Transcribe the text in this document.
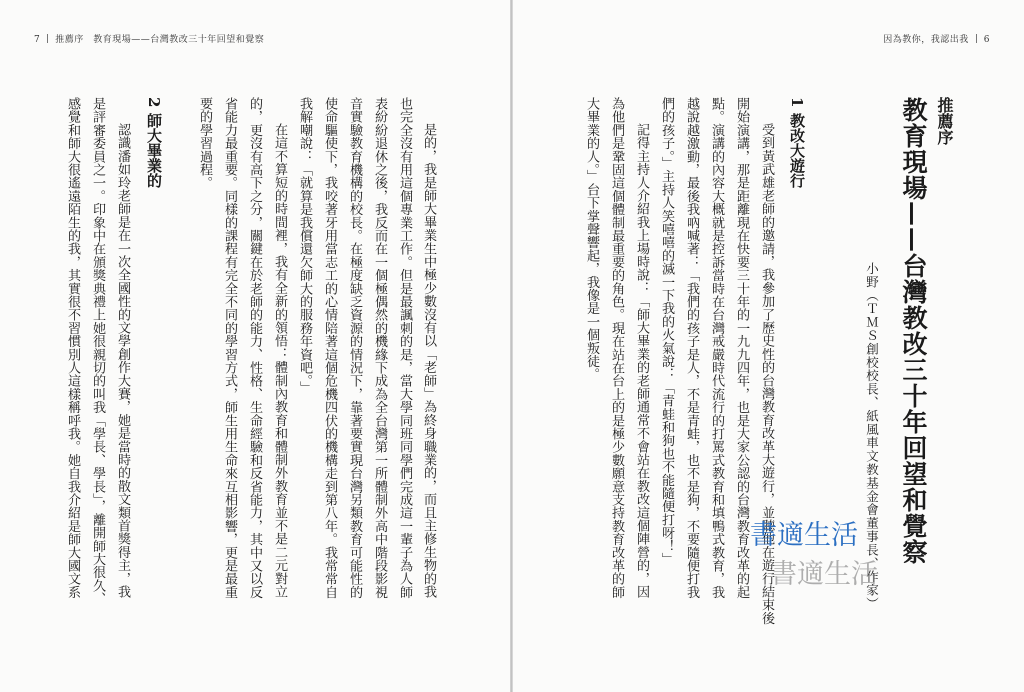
7 推薦序　教育現場——台灣教改三十年回望和覺察
是的，我是師大畢業生中極少數沒有以「老師」為終身職業的，而且主修生物的我
也完全沒有用這個專業工作。但是最諷刺的是，當大學同班同學們完成這一輩子為人師
表紛紛退休之後，我反而在一個極偶然的機緣下成為全台灣第一所體制外高中階段影視
音實驗教育機構的校長。在極度缺乏資源的情況下，靠著要實現台灣另類教育可能性的
使命驅使下，我咬著牙用當志工的心情陪著這個危機四伏的機構走到第八年。我常常自
我解嘲說：「就算是我償還欠師大的服務年資吧。」
在這不算短的時間裡，我有全新的領悟：體制內教育和體制外教育並不是二元對立
的，更沒有高下之分，關鍵在於老師的能力、性格、生命經驗和反省能力，其中又以反
省能力最重要。同樣的課程有完全不同的學習方式，師生用生命來互相影響，更是最重
要的學習過程。
2 師大畢業的
認識潘如玲老師是在一次全國性的文學創作大賽，她是當時的散文類首獎得主，我
是評審委員之一。印象中在頒獎典禮上她很親切的叫我「學長、學長」，離開師大很久、
感覺和師大很遙遠陌生的我，其實很不習慣別人這樣稱呼我。她自我介紹是師大國文系
因為教你，我認出我 6
推薦序
教育現場——台灣教改三十年回望和覺察
小野（ＴＭＳ創校校長、紙風車文教基金會董事長、作家）
1 教改大遊行
受到黃武雄老師的邀請，我參加了歷史性的台灣教育改革大遊行，並聽他在遊行結束後
開始演講，那是距離現在快要三十年的一九九四年，也是大家公認的台灣教育改革的起
點。演講的內容大概就是控訴當時在台灣戒嚴時代流行的打罵式教育和填鴨式教育，我
越說越激動，最後我吶喊著：「我們的孩子是人，不是青蛙，也不是狗，不要隨便打我
們的孩子。」主持人笑嘻嘻的滅一下我的火氣說：「青蛙和狗也不能隨便打呀！」
記得主持人介紹我上場時說：「師大畢業的老師通常不會站在教改這個陣營的，因
為他們是鞏固這個體制最重要的角色。現在站在台上的是極少數願意支持教育改革的師
大畢業的人。」台下掌聲響起，我像是一個叛徒。
書適生活
書適生活
